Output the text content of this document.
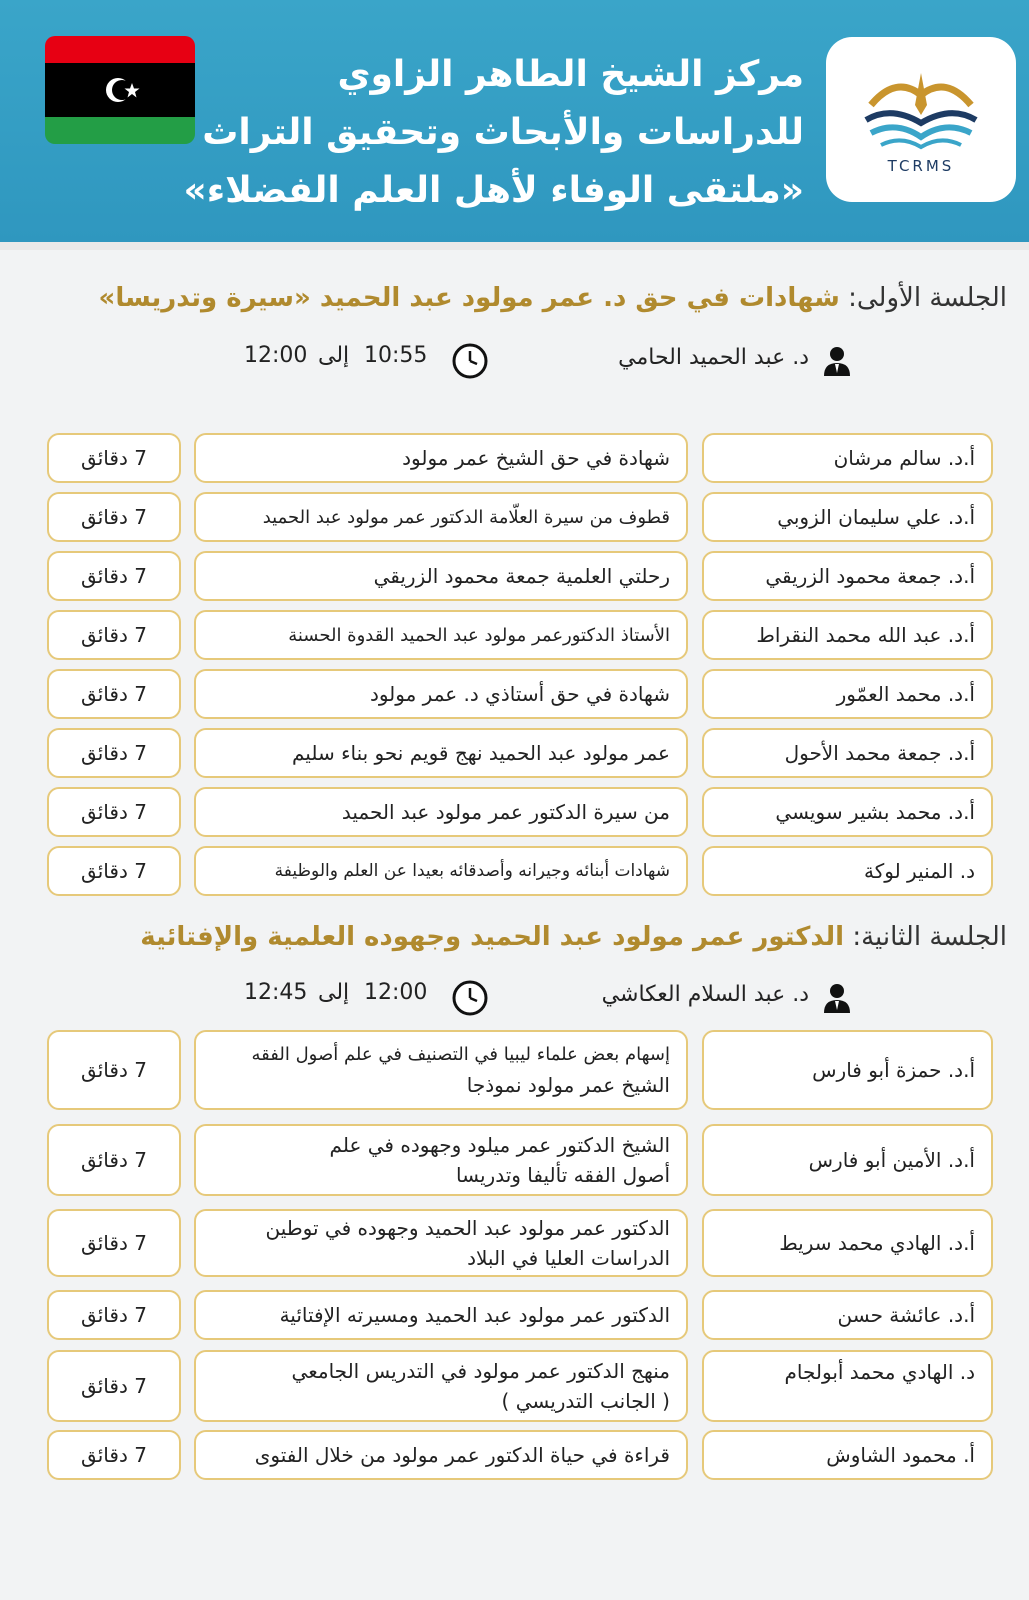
TCRMS
مركز الشيخ الطاهر الزاوي
للدراسات والأبحاث وتحقيق التراث
«ملتقى الوفاء لأهل العلم الفضلاء»
الجلسة الأولى: شهادات في حق د. عمر مولود عبد الحميد «سيرة وتدريسا»
د. عبد الحميد الحامي
10:55
إلى
12:00
أ.د. سالم مرشان
شهادة في حق الشيخ عمر مولود
7 دقائق
أ.د. علي سليمان الزوبي
قطوف من سيرة العلّامة الدكتور عمر مولود عبد الحميد
7 دقائق
أ.د. جمعة محمود الزريقي
رحلتي العلمية جمعة محمود الزريقي
7 دقائق
أ.د. عبد الله محمد النقراط
الأستاذ الدكتورعمر مولود عبد الحميد القدوة الحسنة
7 دقائق
أ.د. محمد العمّور
شهادة في حق أستاذي د. عمر مولود
7 دقائق
أ.د. جمعة محمد الأحول
عمر مولود عبد الحميد نهج قويم نحو بناء سليم
7 دقائق
أ.د. محمد بشير سويسي
من سيرة الدكتور عمر مولود عبد الحميد
7 دقائق
د. المنير لوكة
شهادات أبنائه وجيرانه وأصدقائه بعيدا عن العلم والوظيفة
7 دقائق
الجلسة الثانية: الدكتور عمر مولود عبد الحميد وجهوده العلمية والإفتائية
د. عبد السلام العكاشي
12:00
إلى
12:45
أ.د. حمزة أبو فارس
إسهام بعض علماء ليبيا في التصنيف في علم أصول الفقه
الشيخ عمر مولود نموذجا
7 دقائق
أ.د. الأمين أبو فارس
الشيخ الدكتور عمر ميلود وجهوده في علم
أصول الفقه تأليفا وتدريسا
7 دقائق
أ.د. الهادي محمد سريط
الدكتور عمر مولود عبد الحميد وجهوده في توطين
الدراسات العليا في البلاد
7 دقائق
أ.د. عائشة حسن
الدكتور عمر مولود عبد الحميد ومسيرته الإفتائية
7 دقائق
د. الهادي محمد أبولجام
منهج الدكتور عمر مولود في التدريس الجامعي
( الجانب التدريسي )
7 دقائق
أ. محمود الشاوش
قراءة في حياة الدكتور عمر مولود من خلال الفتوى
7 دقائق
